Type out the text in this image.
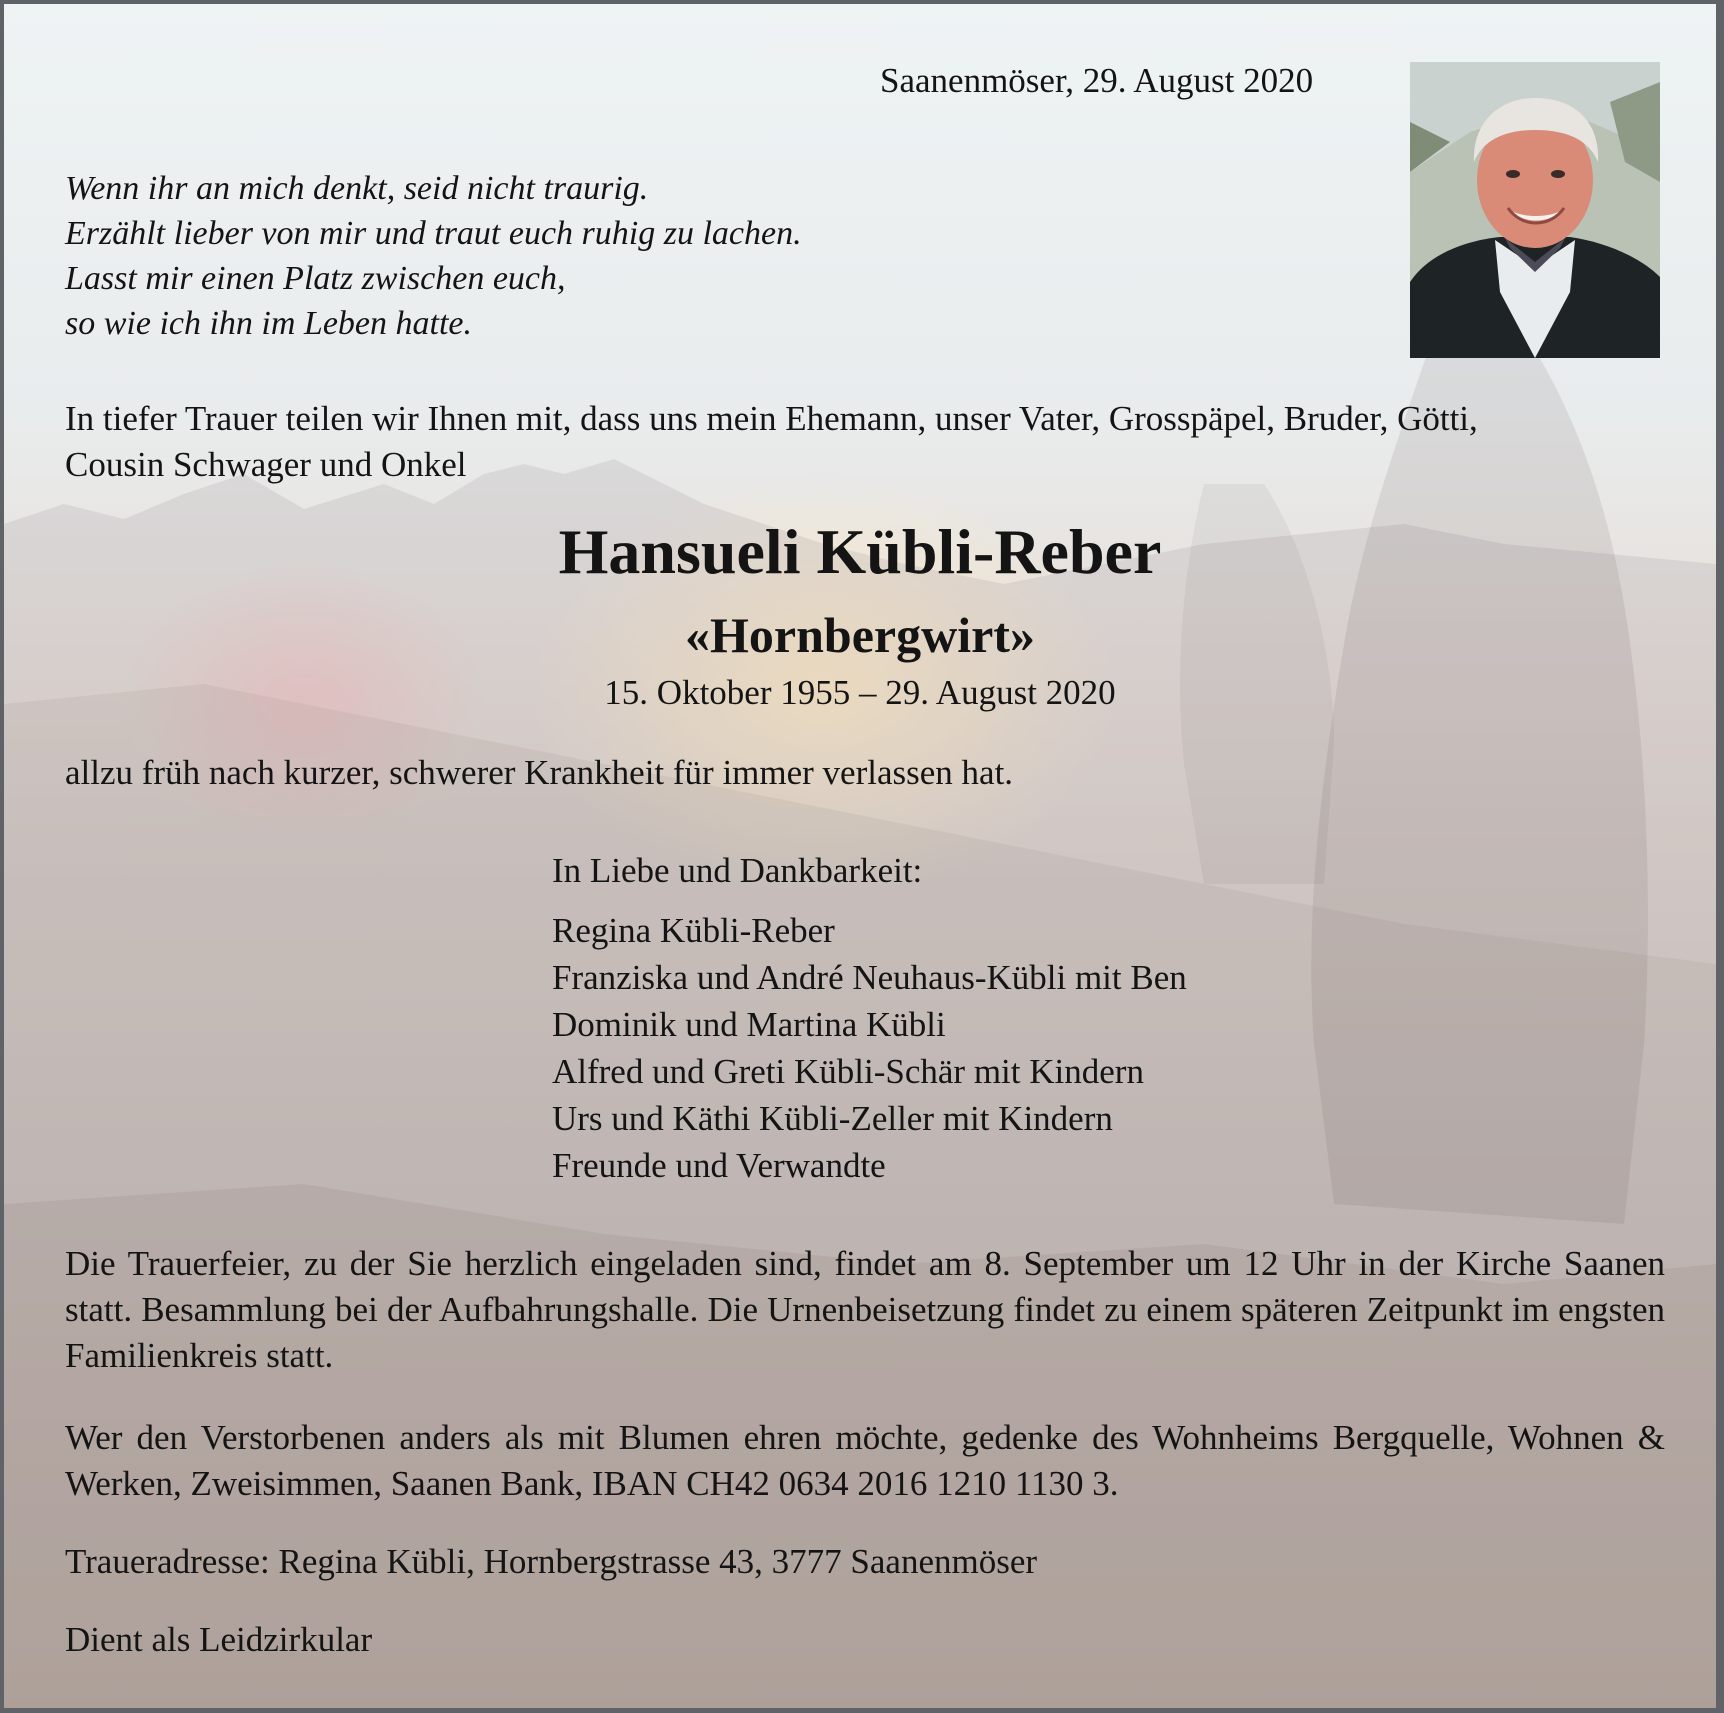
Saanenmöser, 29. August 2020
Wenn ihr an mich denkt, seid nicht traurig.
Erzählt lieber von mir und traut euch ruhig zu lachen.
Lasst mir einen Platz zwischen euch,
so wie ich ihn im Leben hatte.
In tiefer Trauer teilen wir Ihnen mit, dass uns mein Ehemann, unser Vater, Grosspäpel, Bruder, Götti,
Cousin Schwager und Onkel
Hansueli Kübli-Reber
«Hornbergwirt»
15. Oktober 1955 – 29. August 2020
allzu früh nach kurzer, schwerer Krankheit für immer verlassen hat.
In Liebe und Dankbarkeit:
Regina Kübli-Reber
Franziska und André Neuhaus-Kübli mit Ben
Dominik und Martina Kübli
Alfred und Greti Kübli-Schär mit Kindern
Urs und Käthi Kübli-Zeller mit Kindern
Freunde und Verwandte
Die Trauerfeier, zu der Sie herzlich eingeladen sind, findet am 8. September um 12 Uhr in der Kirche Saanen statt. Besammlung bei der Aufbahrungshalle. Die Urnenbeisetzung findet zu einem späteren Zeitpunkt im engsten Familienkreis statt.
Wer den Verstorbenen anders als mit Blumen ehren möchte, gedenke des Wohnheims Bergquelle, Wohnen & Werken, Zweisimmen, Saanen Bank, IBAN CH42 0634 2016 1210 1130 3.
Traueradresse: Regina Kübli, Hornbergstrasse 43, 3777 Saanenmöser
Dient als Leidzirkular
